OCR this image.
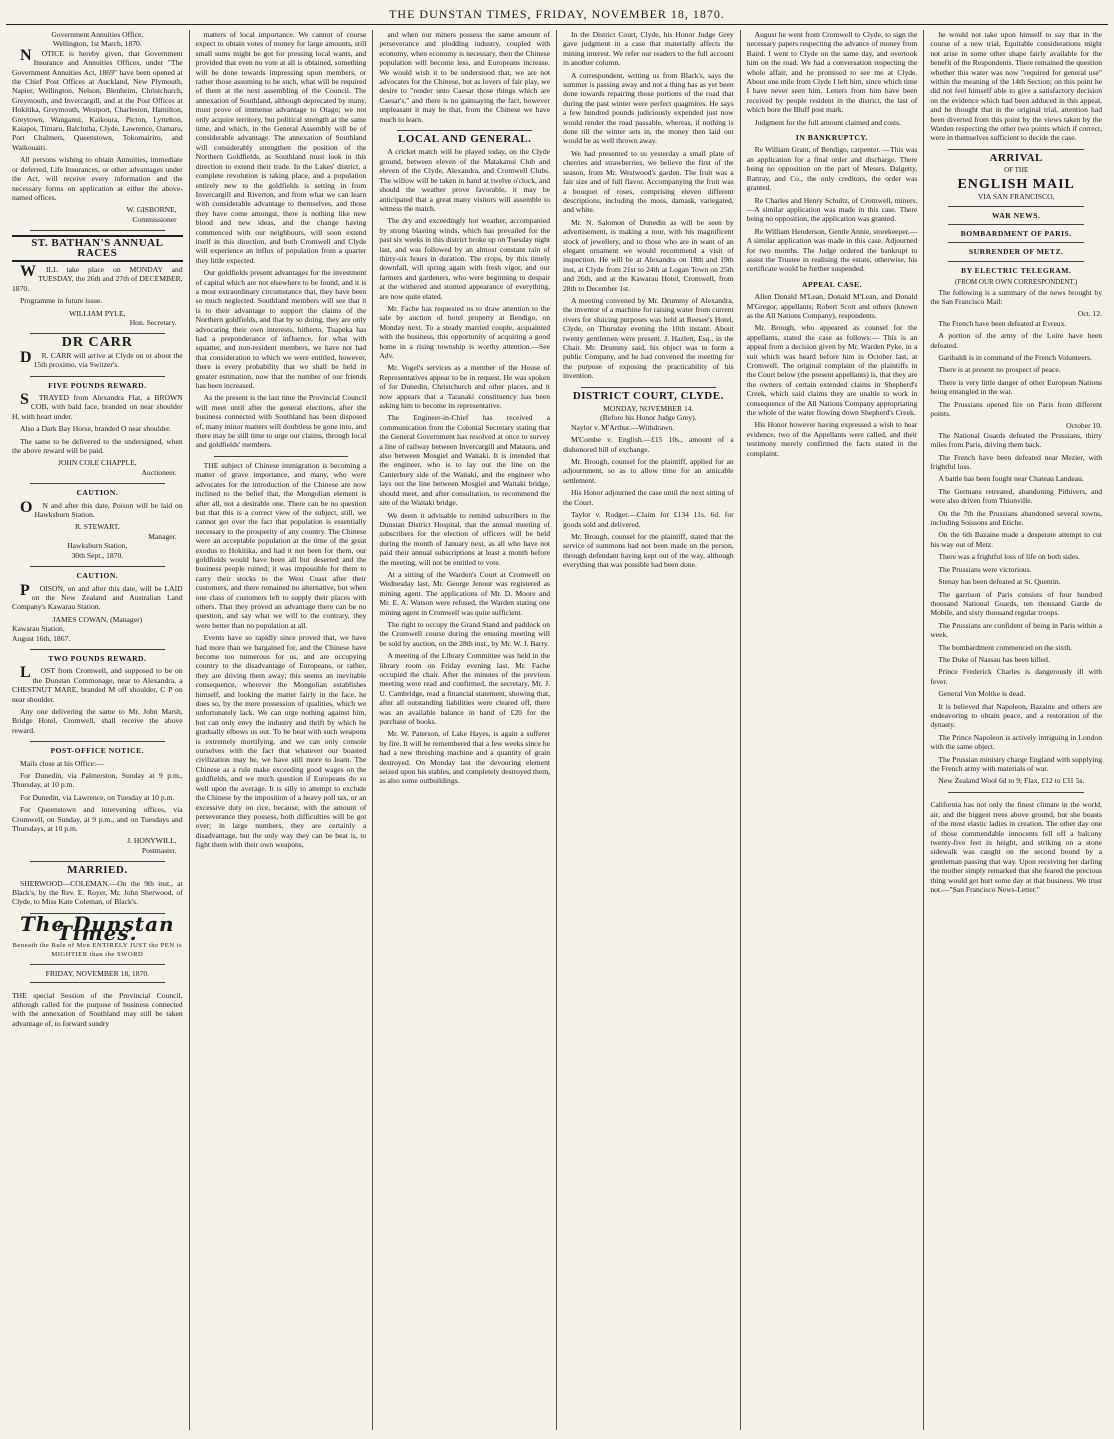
THE DUNSTAN TIMES, FRIDAY, NOVEMBER 18, 1870.
Government Annuities Office,
Wellington, 1st March, 1870.

NOTICE is hereby given, that Government Insurance and Annuities Offices, under "The Government Annuities Act, 1869" have been opened at the Chief Post Offices at Auckland, New Plymouth, Napier, Wellington, Nelson, Blenheim, Christchurch, Greymouth, and Invercargill, and at the Post Offices at Hokitika, Greymouth, Westport, Charleston, Hamilton, Greytown, Wanganui, Kaikoura, Picton, Lyttelton, Kaiapoi, Timaru, Balclutha, Clyde, Lawrence, Oamaru, Port Chalmers, Queenstown, Tokomairiro, and Waikouaiti.

All persons wishing to obtain Annuities, immediate or deferred, Life Insurances, or other advantages under the Act, will receive every information and the necessary forms on application at either the above-named offices.

W. GISBORNE,
Commissioner
ST. BATHAN'S ANNUAL RACES

WILL take place on MONDAY and TUESDAY, the 26th and 27th of DECEMBER, 1870.

Programme in future issue.

WILLIAM PYLE,
Hon. Secretary.
DR CARR

DR. CARR will arrive at Clyde on or about the 15th proximo, via Switzer's.

FIVE POUNDS REWARD.

STRAYED from Alexandra Flat, a BROWN COB, with bald face, branded on near shoulder H, with heart under.

Also a Dark Bay Horse, branded O near shoulder.

The same to be delivered to the undersigned, when the above reward will be paid.

JOHN COLE CHAPPLE,
Auctioneer.
CAUTION.

ON and after this date, Poison will be laid on Hawksburn Station.

R. STEWART,
Manager.
Hawksburn Station,
30th Sept., 1870.
CAUTION.

POISON, on and after this date, will be LAID on the New Zealand and Australian Land Company's Kawarau Station.

JAMES COWAN, (Manager)
Kawarau Station,
August 16th, 1867.
TWO POUNDS REWARD.

LOST from Cromwell, and supposed to be on the Dunstan Commonage, near to Alexandra, a CHESTNUT MARE, branded M off shoulder, C P on near shoulder.

Any one delivering the same to Mr. John Marsh, Bridge Hotel, Cromwell, shall receive the above reward.

POST-OFFICE NOTICE.

Mails close at his Office:—

For Dunedin, via Palmerston, Sunday at 9 p.m., Thursday, at 10 p.m.

For Dunedin, via Lawrence, on Tuesday at 10 p.m.

For Queenstown and intervening offices, via Cromwell, on Sunday, at 9 p.m., and on Tuesdays and Thursdays, at 10 p.m.

J. HONYWILL,
Postmaster.
MARRIED.

SHERWOOD—COLEMAN.—On the 9th inst., at Black's, by the Rev. E. Royer, Mr. John Sherwood, of Clyde, to Miss Kate Coleman, of Black's.

The Dunstan Times.
Beneath the Rule of Men ENTIRELY JUST the PEN is MIGHTIER than the SWORD
FRIDAY, NOVEMBER 18, 1870.

THE special Session of the Provincial Council, although called for the purpose of business connected with the annexation of Southland may still be taken advantage of, to forward sundry

matters of local importance. We cannot of course expect to obtain votes of money for large amounts, still small sums might be got for pressing local wants, and provided that even no vote at all is obtained, something will be done towards impressing upon members, or rather those assuming to be such, what will be required of them at the next assembling of the Council. The annexation of Southland, although deprecated by many, must prove of immense advantage to Otago; we not only acquire territory, but political strength at the same time, and which, in the General Assembly will be of considerable advantage. The annexation of Southland will considerably strengthen the position of the Northern Goldfields, as Southland must look in this direction to extend their trade. In the Lakes' district, a complete revolution is taking place, and a population entirely new to the goldfields is setting in from Invercargill and Riverton, and from what we can learn with considerable advantage to themselves, and those they have come amongst, there is nothing like new blood and new ideas, and the change having commenced with our neighbours, will soon extend itself in this direction, and both Cromwell and Clyde will experience an influx of population from a quarter they little expected.

Our goldfields present advantages for the investment of capital which are not elsewhere to be found, and it is a most extraordinary circumstance that, they have been so much neglected. Southland members will see that it is to their advantage to support the claims of the Northern goldfields, and that by so doing, they are only advocating their own interests, hitherto, Tuapeka has had a preponderance of influence, for what with squatter, and non-resident members, we have not had that consideration to which we were entitled, however, there is every probability that we shall be held in greater estimation, now that the number of our friends has been increased.

As the present is the last time the Provincial Council will meet until after the general elections, after the business connected with Southland has been disposed of, many minor matters will doubtless be gone into, and there may be still time to urge our claims, through local and goldfields' members.

THE subject of Chinese immigration is becoming a matter of grave importance, and many, who were advocates for the introduction of the Chinese are now inclined to the belief that, the Mongolian element is after all, not a desirable one. There can be no question but that this is a correct view of the subject, still, we cannot get over the fact that population is essentially necessary to the prosperity of any country. The Chinese were an acceptable population at the time of the great exodus to Hokitika, and had it not been for them, our goldfields would have been all but deserted and the business people ruined; it was impossible for them to carry their stocks to the West Coast after their customers, and there remained no alternative, but when one class of customers left to supply their places with others. That they proved an advantage there can be no question, and say what we will to the contrary, they were better than no population at all.

Events have so rapidly since proved that, we have had more than we bargained for, and the Chinese have become too numerous for us, and are occupying country to the disadvantage of Europeans, or rather, they are driving them away; this seems an inevitable consequence, wherever the Mongolian establishes himself, and looking the matter fairly in the face, he does so, by the mere possession of qualities, which we unfortunately lack. We can urge nothing against him, but can only envy the industry and thrift by which he gradually elbows us out. To be beat with such weapons is extremely mortifying, and we can only console ourselves with the fact that whatever our boasted civilization may be, we have still more to learn. The Chinese as a rule make exceeding good wages on the goldfields, and we much question if Europeans do so well upon the average. It is silly to attempt to exclude the Chinese by the imposition of a heavy poll tax, or an excessive duty on rice, because, with the amount of perseverance they possess, both difficulties will be got over; in large numbers, they are certainly a disadvantage, but the only way they can be beat is, to fight them with their own weapons,

and when our miners possess the same amount of perseverance and plodding industry, coupled with economy, when economy is necessary, then the Chinese population will become less, and Europeans increase. We would wish it to be understood that, we are not advocates for the Chinese, but as lovers of fair play, we desire to "render unto Caesar those things which are Caesar's," and there is no gainsaying the fact, however unpleasant it may be that, from the Chinese we have much to learn.

LOCAL AND GENERAL.

A cricket match will be played today, on the Clyde ground, between eleven of the Matakanui Club and eleven of the Clyde, Alexandra, and Cromwell Clubs. The willow will be taken in hand at twelve o'clock, and should the weather prove favorable, it may be anticipated that a great many visitors will assemble to witness the match.

The dry and exceedingly hot weather, accompanied by strong blasting winds, which has prevailed for the past six weeks in this district broke up on Tuesday night last, and was followed by an almost constant rain of thirty-six hours in duration. The crops, by this timely downfall, will spring again with fresh vigor, and our farmers and gardeners, who were beginning to despair at the withered and stunted appearance of everything, are now quite elated.

Mr. Fache has requested us to draw attention to the sale by auction of hotel property at Bendigo, on Monday next. To a steady married couple, acquainted with the business, this opportunity of acquiring a good home in a rising township is worthy attention.—See Adv.

Mr. Vogel's services as a member of the House of Representatives appear to be in request. He was spoken of for Dunedin, Christchurch and other places, and it now appears that a Taranaki constituency has been asking him to become its representative.

The Engineer-in-Chief has received a communication from the Colonial Secretary stating that the General Government has resolved at once to survey a line of railway between Invercargill and Mataura, and also between Mosgiel and Waitaki. It is intended that the engineer, who is to lay out the line on the Canterbury side of the Waitaki, and the engineer who lays out the line between Mosgiel and Waitaki bridge, should meet, and after consultation, to recommend the site of the Waitaki bridge.

We deem it advisable to remind subscribers to the Dunstan District Hospital, that the annual meeting of subscribers for the election of officers will be held during the month of January next, as all who have not paid their annual subscriptions at least a month before the meeting, will not be entitled to vote.

At a sitting of the Warden's Court at Cromwell on Wednesday last, Mr. George Jenour was registered as mining agent. The applications of Mr. D. Moore and Mr. E. A. Watson were refused, the Warden stating one mining agent in Cromwell was quite sufficient.

The right to occupy the Grand Stand and paddock on the Cromwell course during the ensuing meeting will be sold by auction, on the 28th inst., by Mr. W. J. Barry.

A meeting of the Library Committee was held in the library room on Friday evening last. Mr. Fache occupied the chair. After the minutes of the previous meeting were read and confirmed, the secretary, Mr. J. U. Cambridge, read a financial statement, showing that, after all outstanding liabilities were cleared off, there was an available balance in hand of £20 for the purchase of books.

Mr. W. Paterson, of Lake Hayes, is again a sufferer by fire. It will be remembered that a few weeks since he had a new threshing machine and a quantity of grain destroyed. On Monday last the devouring element seized upon his stables, and completely destroyed them, as also some outbuildings.

In the District Court, Clyde, his Honor Judge Grey gave judgment in a case that materially affects the mining interest. We refer our readers to the full account in another column.

A correspondent, writing us from Black's, says the summer is passing away and not a thing has as yet been done towards repairing those portions of the road that during the past winter were perfect quagmires. He says a few hundred pounds judiciously expended just now would render the road passable, whereas, if nothing is done till the winter sets in, the money then laid out would be as well thrown away.

We had presented to us yesterday a small plate of cherries and strawberries, we believe the first of the season, from Mr. Westwood's garden. The fruit was a fair size and of full flavor. Accompanying the fruit was a bouquet of roses, comprising eleven different descriptions, including the moss, damask, variegated, and white.

Mr. N. Salomon of Dunedin as will be seen by advertisement, is making a tour, with his magnificent stock of jewellery, and to those who are in want of an elegant ornament we would recommend a visit of inspection. He will be at Alexandra on 18th and 19th inst, at Clyde from 21st to 24th at Logan Town on 25th and 26th, and at the Kawarau Hotel, Cromwell, from 28th to December 1st.

A meeting convened by Mr. Drummy of Alexandra, the inventor of a machine for raising water from current rivers for sluicing purposes was held at Reesee's Hotel, Clyde, on Thursday evening the 10th instant. About twenty gentlemen were present. J. Hazlett, Esq., in the Chair. Mr. Drummy said, his object was to form a public Company, and he had convened the meeting for the purpose of exposing the practicability of his invention.

DISTRICT COURT, CLYDE.
MONDAY, NOVEMBER 14.
(Before his Honor Judge Grey).

Naylor v. M'Arthur.—Withdrawn.

M'Combe v. English.—£15 10s., amount of a dishonored bill of exchange.

Mr. Brough, counsel for the plaintiff, applied for an adjournment, so as to allow time for an amicable settlement.

His Honor adjourned the case until the next sitting of the Court.

Taylor v. Rodger.—Claim for £134 11s. 6d. for goods sold and delivered.

Mr. Brough, counsel for the plaintiff, stated that the service of summons had not been made on the person, through defendant having kept out of the way, although everything that was possible had been done.

August he went from Cromwell to Clyde, to sign the necessary papers respecting the advance of money from Baird. I went to Clyde on the same day, and overtook him on the road. We had a conversation respecting the whole affair, and he promised to see me at Clyde. About one mile from Clyde I left him, since which time I have never seen him. Letters from him have been received by people resident in the district, the last of which bore the Bluff post mark.

Judgment for the full amount claimed and costs.

IN BANKRUPTCY.

Re William Grant, of Bendigo, carpenter. —This was an application for a final order and discharge. There being no opposition on the part of Messrs. Dalgetty, Rattray, and Co., the only creditors, the order was granted.

Re Charles and Henry Schultz, of Cromwell, miners.—A similar application was made in this case. There being no opposition, the application was granted.

Re William Henderson, Gentle Annie, storekeeper.—A similar application was made in this case. Adjourned for two months. The Judge ordered the bankrupt to assist the Trustee in realising the estate, otherwise, his certificate would be further suspended.

APPEAL CASE.

Allen Donald M'Lean, Donald M'Lean, and Donald M'Gregor, appellants; Robert Scott and others (known as the All Nations Company), respondents.

Mr. Brough, who appeared as counsel for the appellants, stated the case as follows:— This is an appeal from a decision given by Mr. Warden Pyke, in a suit which was heard before him in October last, at Cromwell. The original complaint of the plaintiffs in the Court below (the present appellants) is, that they are the owners of certain extended claims in Shepherd's Creek, which said claims they are unable to work in consequence of the All Nations Company appropriating the whole of the water flowing down Shepherd's Creek.

His Honor however having expressed a wish to hear evidence, two of the Appellants were called, and their testimony merely confirmed the facts stated in the complaint.

he would not take upon himself to say that in the course of a new trial, Equitable considerations might not arise in some other shape fairly available for the benefit of the Respondents. There remained the question whether this water was now "required for general use" within the meaning of the 14th Section; on this point he did not feel himself able to give a satisfactory decision on the evidence which had been adduced in this appeal, and he thought that in the original trial, attention had been diverted from this point by the views taken by the Warden respecting the other two points which if correct, were in themselves sufficient to decide the case.

ARRIVAL
OF THE
ENGLISH MAIL
VIA SAN FRANCISCO,
WAR NEWS.
BOMBARDMENT OF PARIS.
SURRENDER OF METZ.
BY ELECTRIC TELEGRAM.
(FROM OUR OWN CORRESPONDENT.)

The following is a summary of the news brought by the San Francisco Mail:

Oct. 12.

The French have been defeated at Evreux.

A portion of the army of the Loire have been defeated.

Garibaldi is in command of the French Volunteers.

There is at present no prospect of peace.

There is very little danger of other European Nations being entangled in the war.

The Prussians opened fire on Paris from different points.

October 10.

The National Guards defeated the Prussians, thirty miles from Paris, driving them back.

The French have been defeated near Mezier, with frightful loss.

A battle has been fought near Chateau Landeau.

The Germans retreated, abandoning Pithivers, and were also driven from Thionville.

On the 7th the Prussians abandoned several towns, including Soissons and Etiche.

On the 6th Bazaine made a desperate attempt to cut his way out of Metz.

There was a frightful loss of life on both sides.

The Prussians were victorious.

Stenay has been defeated at St. Quentin.

The garrison of Paris consists of four hundred thousand National Guards, ten thousand Garde de Mobile, and sixty thousand regular troops.

The Prussians are confident of being in Paris within a week.

The bombardment commenced on the sixth.

The Duke of Nassau has been killed.

Prince Frederick Charles is dangerously ill with fever.

General Von Moltke is dead.

It is believed that Napoleon, Bazaine and others are endeavoring to obtain peace, and a restoration of the dynasty.

The Prince Napoleon is actively intriguing in London with the same object.

The Prussian ministry charge England with supplying the French army with materials of war.

New Zealand Wool 6d to 9; Flax, £12 to £31 5s.

California has not only the finest climate in the world, air, and the biggest trees above ground, but she boasts of the most elastic ladies in creation. The other day one of those commendable innocents fell off a balcony twenty-five feet in height, and striking on a stone sidewalk was caught on the second bound by a gentleman passing that way. Upon receiving her darling the mother simply remarked that she feared the precious thing would get hurt some day at that business. We trust not.—"San Francisco News-Letter."
